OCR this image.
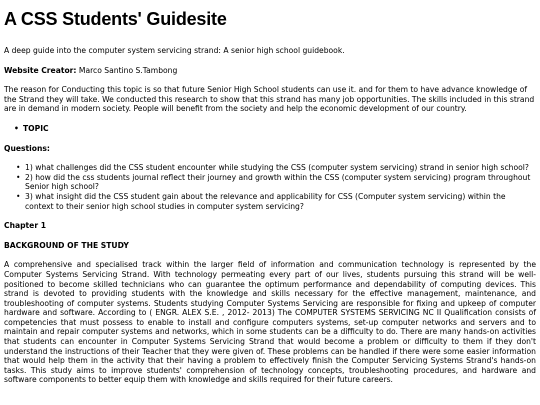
A CSS Students' Guidesite

A deep guide into the computer system servicing strand: A senior high school guidebook.

Website Creator: Marco Santino S.Tambong

The reason for Conducting this topic is so that future Senior High School students can use it. and for them to have advance knowledge of the Strand they will take. We conducted this research to show that this strand has many job opportunities. The skills included in this strand are in demand in modern society. People will benefit from the society and help the economic development of our country.

• TOPIC
Questions:
• 1) what challenges did the CSS student encounter while studying the CSS (computer system servicing) strand in senior high school?
• 2) how did the css students journal reflect their journey and growth within the CSS (computer system servicing) program throughout Senior high school?
• 3) what insight did the CSS student gain about the relevance and applicability for CSS (Computer system servicing) within the context to their senior high school studies in computer system servicing?
Chapter 1
BACKGROUND OF THE STUDY

A comprehensive and specialised track within the larger field of information and communication technology is represented by the Computer Systems Servicing Strand. With technology permeating every part of our lives, students pursuing this strand will be well-positioned to become skilled technicians who can guarantee the optimum performance and dependability of computing devices. This strand is devoted to providing students with the knowledge and skills necessary for the effective management, maintenance, and troubleshooting of computer systems. Students studying Computer Systems Servicing are responsible for fixing and upkeep of computer hardware and software. According to ( ENGR. ALEX S.E. , 2012- 2013) The COMPUTER SYSTEMS SERVICING NC II Qualification consists of competencies that must possess to enable to install and configure computers systems, set-up computer networks and servers and to maintain and repair computer systems and networks, which in some students can be a difficulty to do. There are many hands-on activities that students can encounter in Computer Systems Servicing Strand that would become a problem or difficulty to them if they don't understand the instructions of their Teacher that they were given of. These problems can be handled if there were some easier information that would help them in the activity that their having a problem to effectively finish the Computer Servicing Systems Strand's hands-on tasks. This study aims to improve students' comprehension of technology concepts, troubleshooting procedures, and hardware and software components to better equip them with knowledge and skills required for their future careers.
